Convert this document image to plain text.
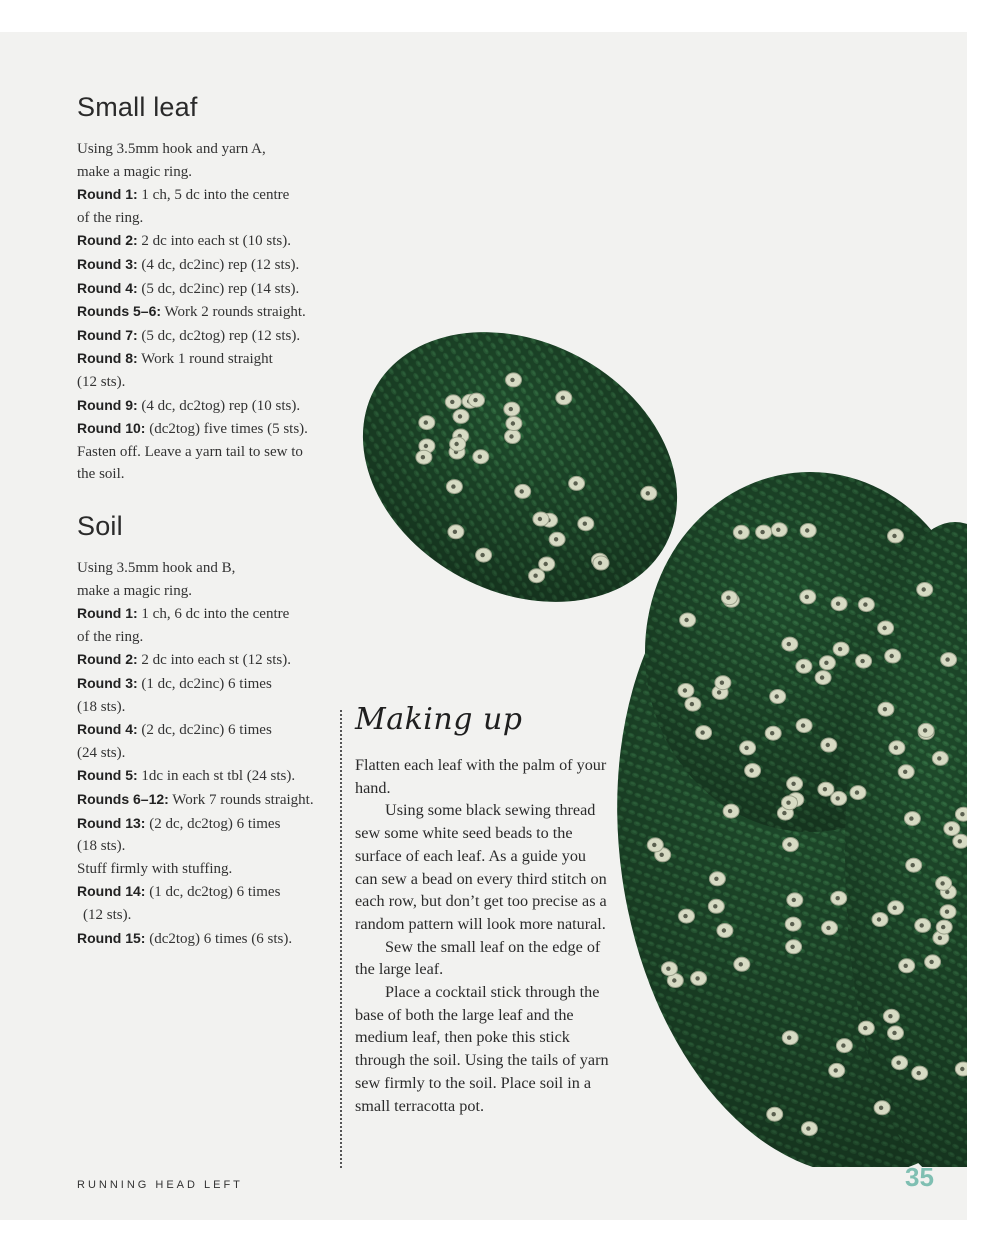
Small leaf

Using 3.5mm hook and yarn A,

make a magic ring.

Round 1: 1 ch, 5 dc into the centre

of the ring.

Round 2: 2 dc into each st (10 sts).

Round 3: (4 dc, dc2inc) rep (12 sts).

Round 4: (5 dc, dc2inc) rep (14 sts).

Rounds 5–6: Work 2 rounds straight.

Round 7: (5 dc, dc2tog) rep (12 sts).

Round 8: Work 1 round straight

(12 sts).

Round 9: (4 dc, dc2tog) rep (10 sts).

Round 10: (dc2tog) five times (5 sts).

Fasten off. Leave a yarn tail to sew to

the soil.

Soil

Using 3.5mm hook and B,

make a magic ring.

Round 1: 1 ch, 6 dc into the centre

of the ring.

Round 2: 2 dc into each st (12 sts).

Round 3: (1 dc, dc2inc) 6 times

(18 sts).

Round 4: (2 dc, dc2inc) 6 times

(24 sts).

Round 5: 1dc in each st tbl (24 sts).

Rounds 6–12: Work 7 rounds straight.

Round 13: (2 dc, dc2tog) 6 times

(18 sts).

Stuff firmly with stuffing.

Round 14: (1 dc, dc2tog) 6 times

(12 sts).

Round 15: (dc2tog) 6 times (6 sts).

Making up

Flatten each leaf with the palm of your hand.

Using some black sewing thread sew some white seed beads to the surface of each leaf. As a guide you can sew a bead on every third stitch on each row, but don’t get too precise as a random pattern will look more natural.

Sew the small leaf on the edge of the large leaf.

Place a cocktail stick through the base of both the large leaf and the medium leaf, then poke this stick through the soil. Using the tails of yarn sew firmly to the soil. Place soil in a small terracotta pot.

RUNNING HEAD LEFT	35
